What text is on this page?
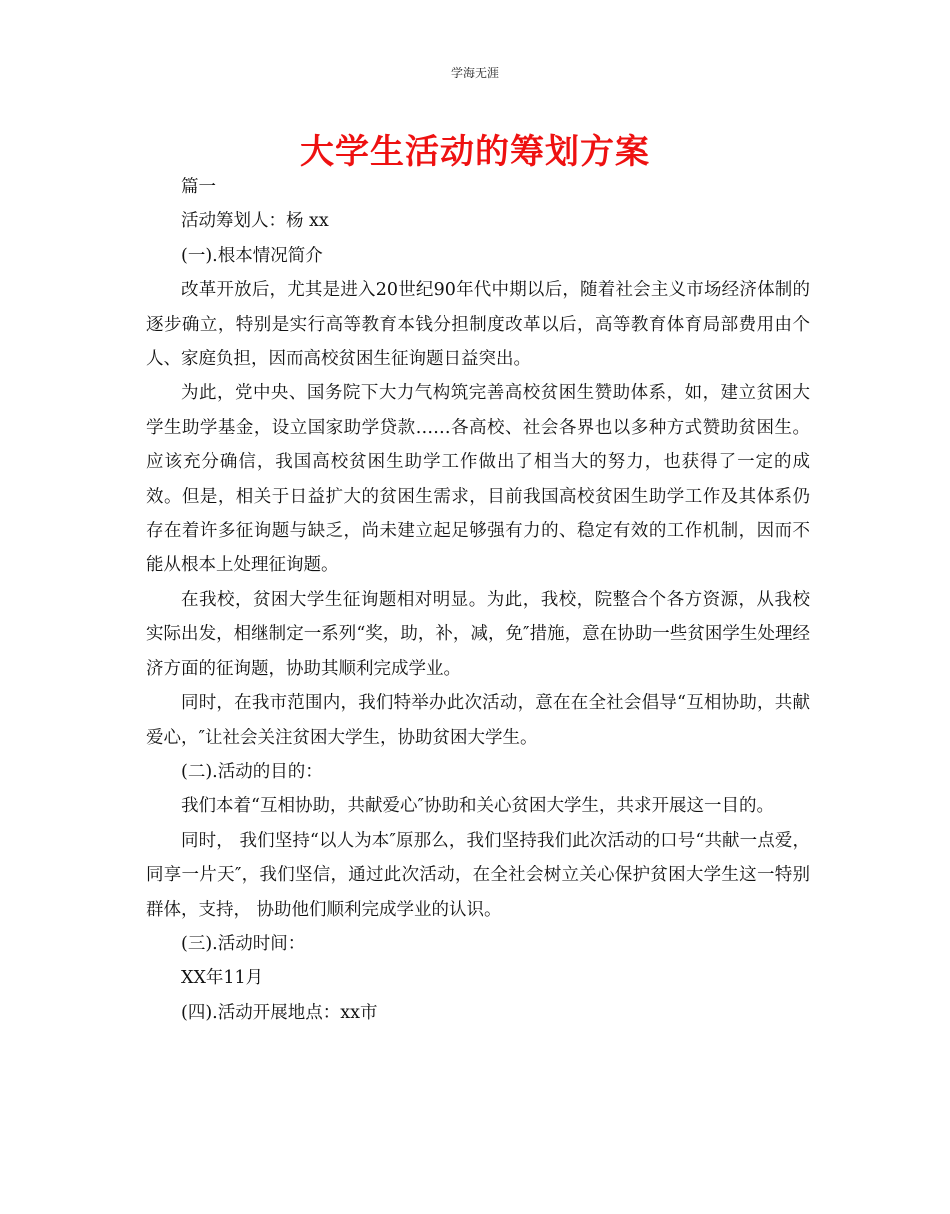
学海无涯
大学生活动的筹划方案

篇一

活动筹划人：杨 xx

(一).根本情况简介

改革开放后，尤其是进入20世纪90年代中期以后，随着社会主义市场经济体制的逐步确立，特别是实行高等教育本钱分担制度改革以后，高等教育体育局部费用由个人、家庭负担，因而高校贫困生征询题日益突出。

为此，党中央、国务院下大力气构筑完善高校贫困生赞助体系，如，建立贫困大学生助学基金，设立国家助学贷款……各高校、社会各界也以多种方式赞助贫困生。应该充分确信，我国高校贫困生助学工作做出了相当大的努力，也获得了一定的成效。但是，相关于日益扩大的贫困生需求，目前我国高校贫困生助学工作及其体系仍存在着许多征询题与缺乏，尚未建立起足够强有力的、稳定有效的工作机制，因而不能从根本上处理征询题。

在我校，贫困大学生征询题相对明显。为此，我校，院整合个各方资源，从我校实际出发，相继制定一系列“奖，助，补，减，免″措施，意在协助一些贫困学生处理经济方面的征询题，协助其顺利完成学业。

同时，在我市范围内，我们特举办此次活动，意在在全社会倡导“互相协助，共献爱心，″让社会关注贫困大学生，协助贫困大学生。

(二).活动的目的：

我们本着“互相协助，共献爱心″协助和关心贫困大学生，共求开展这一目的。

同时， 我们坚持“以人为本″原那么，我们坚持我们此次活动的口号“共献一点爱，同享一片天″，我们坚信，通过此次活动，在全社会树立关心保护贫困大学生这一特别群体，支持， 协助他们顺利完成学业的认识。

(三).活动时间：

XX年11月

(四).活动开展地点：xx市
